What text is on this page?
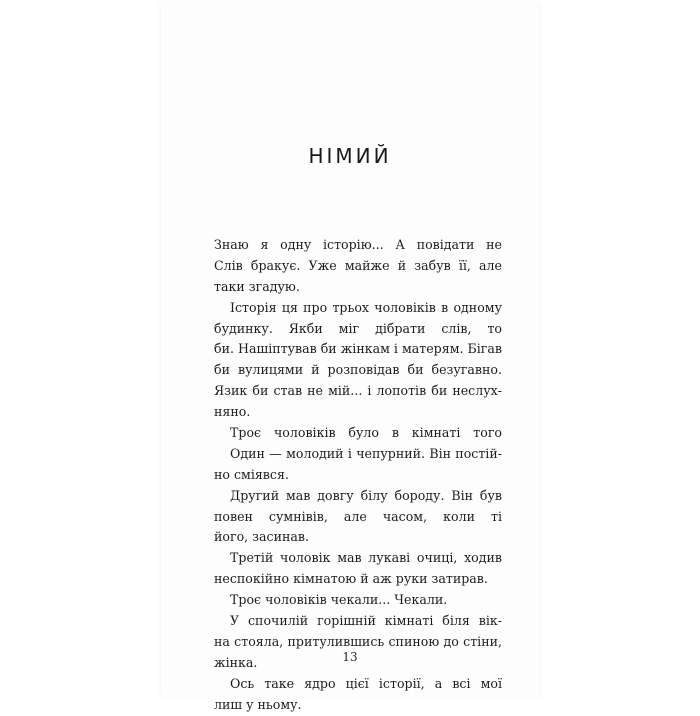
НІМИЙ
Знаю я одну історію... А повідати не
Слів бракує. Уже майже й забув її, але
таки згадую.
Історія ця про трьох чоловіків в одному
будинку. Якби міг дібрати слів, то
би. Нашіптував би жінкам і матерям. Бігав
би вулицями й розповідав би безугавно.
Язик би став не мій... і лопотів би неслух-
няно.
Троє чоловіків було в кімнаті того
Один — молодий і чепурний. Він постій-
но сміявся.
Другий мав довгу білу бороду. Він був
повен сумнівів, але часом, коли ті
його, засинав.
Третій чоловік мав лукаві очиці, ходив
неспокійно кімнатою й аж руки затирав.
Троє чоловіків чекали... Чекали.
У спочилій горішній кімнаті біля вік-
на стояла, притулившись спиною до стіни,
жінка.
Ось таке ядро цієї історії, а всі мої
лиш у ньому.
13
